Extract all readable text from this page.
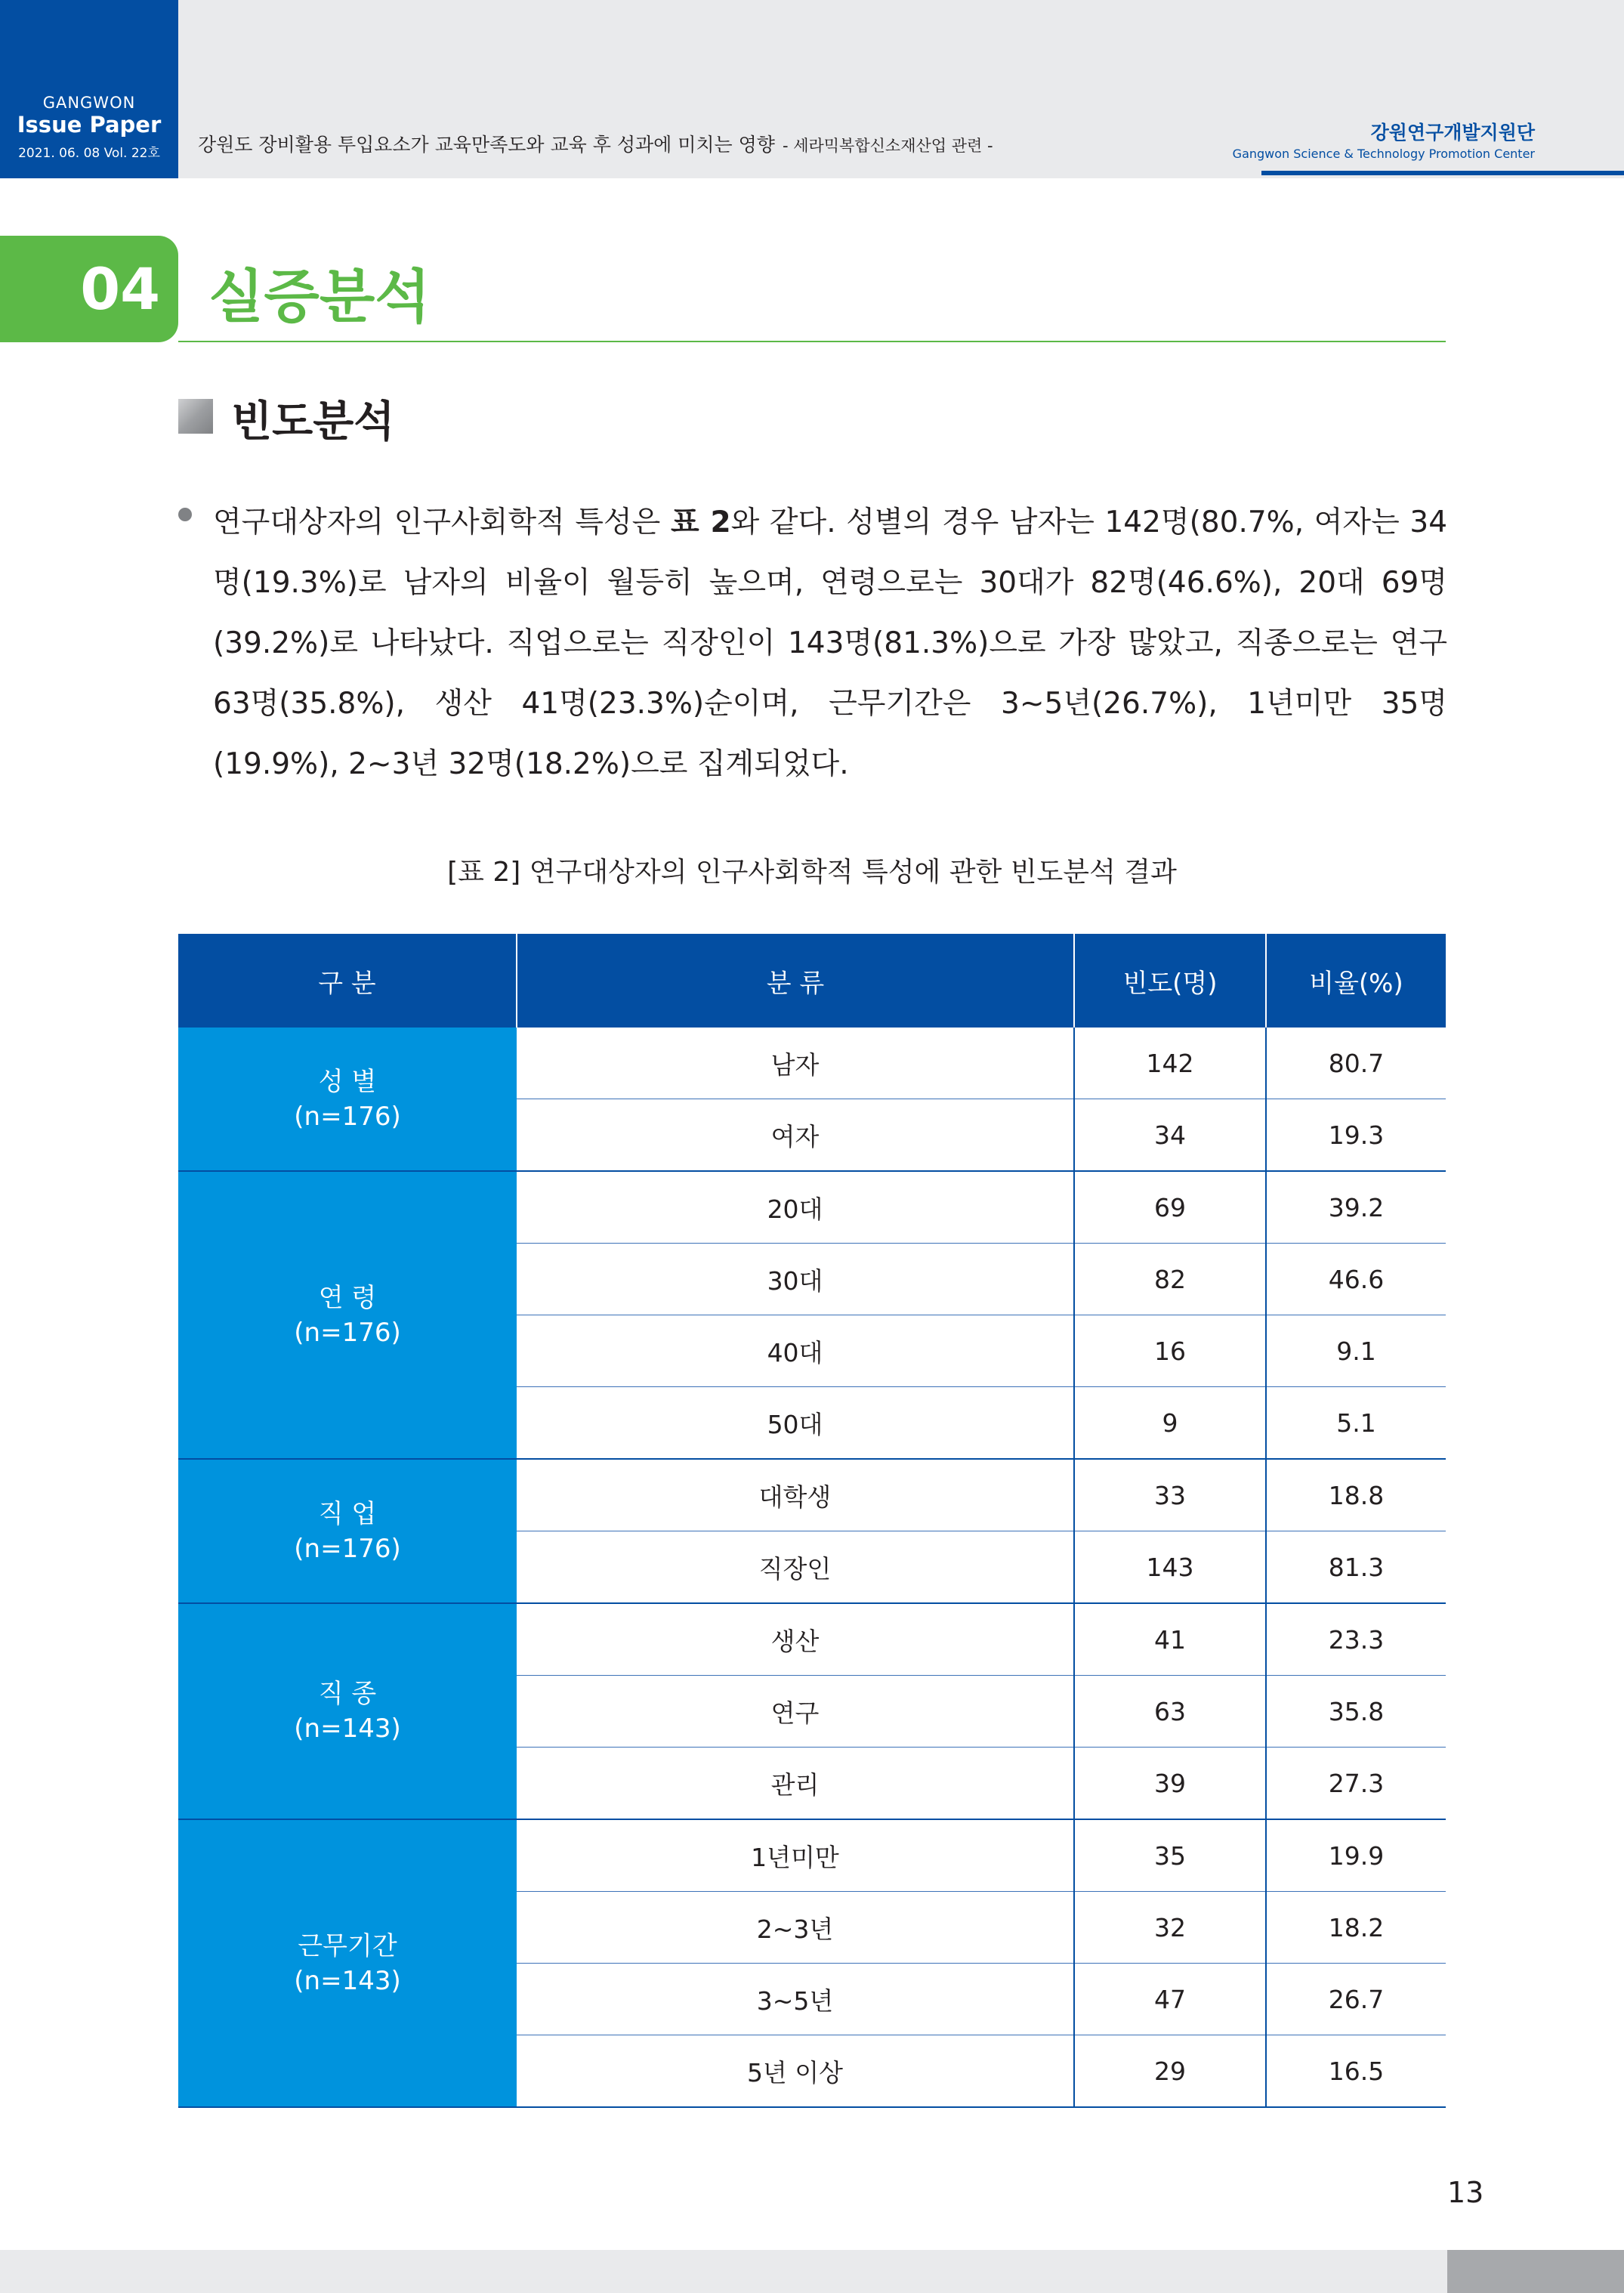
GANGWON
Issue Paper
2021. 06. 08 Vol. 22호	강원도 장비활용 투입요소가 교육만족도와 교육 후 성과에 미치는 영향 - 세라믹복합신소재산업 관련 -
강원연구개발지원단
Gangwon Science & Technology Promotion Center
04 실증분석
빈도분석
연구대상자의 인구사회학적 특성은 표 2와 같다. 성별의 경우 남자는 142명(80.7%, 여자는 34명(19.3%)로 남자의 비율이 월등히 높으며, 연령으로는 30대가 82명(46.6%), 20대 69명(39.2%)로 나타났다. 직업으로는 직장인이 143명(81.3%)으로 가장 많았고, 직종으로는 연구 63명(35.8%), 생산 41명(23.3%)순이며, 근무기간은 3~5년(26.7%), 1년미만 35명(19.9%), 2~3년 32명(18.2%)으로 집계되었다.
[표 2] 연구대상자의 인구사회학적 특성에 관한 빈도분석 결과
구 분	분 류	빈도(명)	비율(%)

성 별
(n=176)	남자	142	80.7
	여자	34	19.3

연 령
(n=176)	20대	69	39.2
	30대	82	46.6
	40대	16	9.1
	50대	9	5.1

직 업
(n=176)	대학생	33	18.8
	직장인	143	81.3

직 종
(n=143)	생산	41	23.3
	연구	63	35.8
	관리	39	27.3

근무기간
(n=143)	1년미만	35	19.9
	2~3년	32	18.2
	3~5년	47	26.7
	5년 이상	29	16.5
13
